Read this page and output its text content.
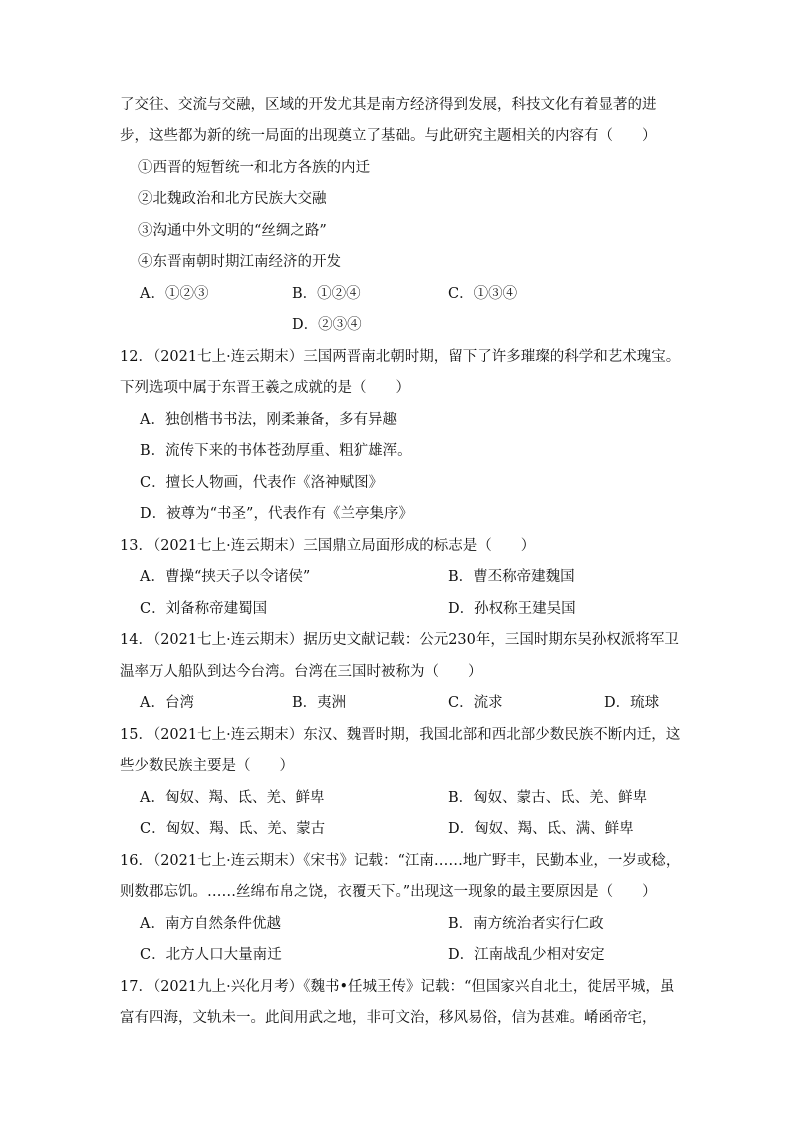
了交往、交流与交融，区域的开发尤其是南方经济得到发展，科技文化有着显著的进
步，这些都为新的统一局面的出现奠立了基础。与此研究主题相关的内容有（　　）
①西晋的短暂统一和北方各族的内迁
②北魏政治和北方民族大交融
③沟通中外文明的“丝绸之路”
④东晋南朝时期江南经济的开发
A．①②③	B．①②④	C．①③④
D．②③④
12．（2021七上·连云期末）三国两晋南北朝时期，留下了许多璀璨的科学和艺术瑰宝。
下列选项中属于东晋王羲之成就的是（　　）
A．独创楷书书法，刚柔兼备，多有异趣
B．流传下来的书体苍劲厚重、粗犷雄浑。
C．擅长人物画，代表作《洛神赋图》
D．被尊为“书圣”，代表作有《兰亭集序》
13．（2021七上·连云期末）三国鼎立局面形成的标志是（　　）
A．曹操“挟天子以令诸侯”	B．曹丕称帝建魏国
C．刘备称帝建蜀国	D．孙权称王建吴国
14．（2021七上·连云期末）据历史文献记载：公元230年，三国时期东吴孙权派将军卫
温率万人船队到达今台湾。台湾在三国时被称为（　　）
A．台湾	B．夷洲	C．流求	D．琉球
15．（2021七上·连云期末）东汉、魏晋时期，我国北部和西北部少数民族不断内迁，这
些少数民族主要是（　　）
A．匈奴、羯、氐、羌、鲜卑	B．匈奴、蒙古、氐、羌、鲜卑
C．匈奴、羯、氐、羌、蒙古	D．匈奴、羯、氐、满、鲜卑
16．（2021七上·连云期末）《宋书》记载：“江南……地广野丰，民勤本业，一岁或稔，
则数郡忘饥。……丝绵布帛之饶，衣覆天下。”出现这一现象的最主要原因是（　　）
A．南方自然条件优越	B．南方统治者实行仁政
C．北方人口大量南迁	D．江南战乱少相对安定
17．（2021九上·兴化月考）《魏书•任城王传》记载：“但国家兴自北土，徙居平城，虽
富有四海，文轨未一。此间用武之地，非可文治，移风易俗，信为甚难。崤函帝宅，
